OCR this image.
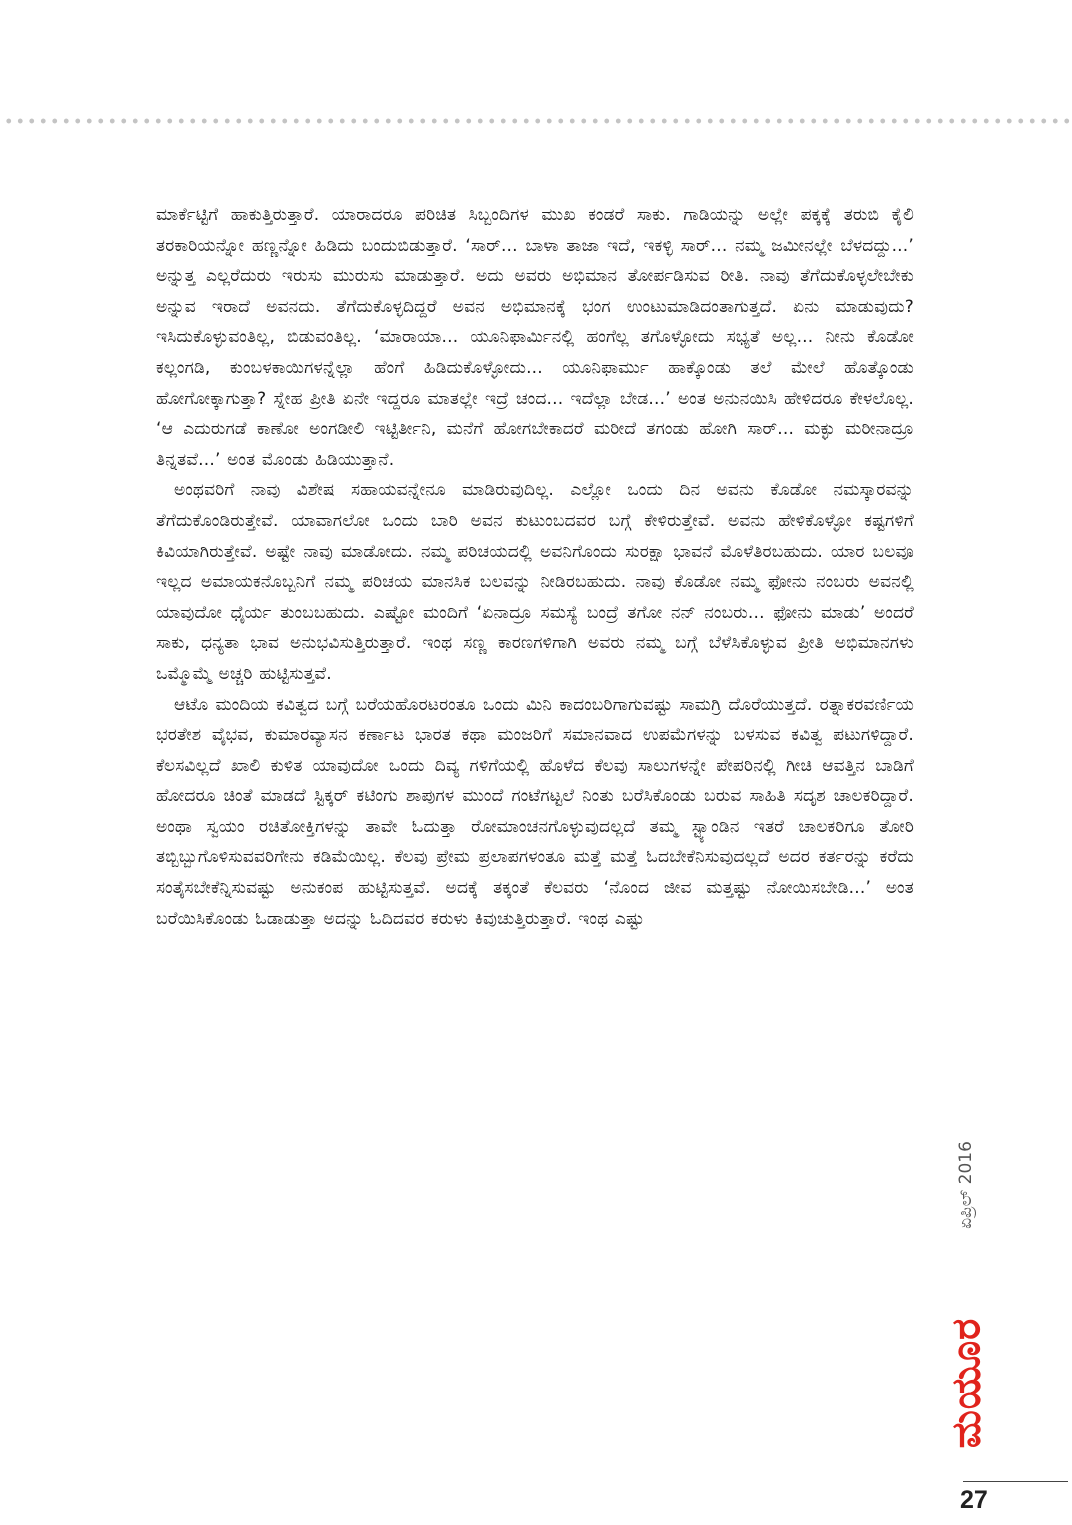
ಮಾರ್ಕೆಟ್ಟಿಗೆ ಹಾಕುತ್ತಿರುತ್ತಾರೆ. ಯಾರಾದರೂ ಪರಿಚಿತ ಸಿಬ್ಬಂದಿಗಳ ಮುಖ ಕಂಡರೆ ಸಾಕು. ಗಾಡಿಯನ್ನು ಅಲ್ಲೇ ಪಕ್ಕಕ್ಕೆ ತರುಬಿ ಕೈಲಿ ತರಕಾರಿಯನ್ನೋ ಹಣ್ಣನ್ನೋ ಹಿಡಿದು ಬಂದುಬಿಡುತ್ತಾರೆ. ‘ಸಾರ್... ಬಾಳಾ ತಾಜಾ ಇದೆ, ಇಕಳ್ಳಿ ಸಾರ್... ನಮ್ಮ ಜಮೀನಲ್ಲೇ ಬೆಳದದ್ದು...’ ಅನ್ನುತ್ತ ಎಲ್ಲರೆದುರು ಇರುಸು ಮುರುಸು ಮಾಡುತ್ತಾರೆ. ಅದು ಅವರು ಅಭಿಮಾನ ತೋರ್ಪಡಿಸುವ ರೀತಿ. ನಾವು ತೆಗೆದುಕೊಳ್ಳಲೇಬೇಕು ಅನ್ನುವ ಇರಾದೆ ಅವನದು. ತೆಗೆದುಕೊಳ್ಳದಿದ್ದರೆ ಅವನ ಅಭಿಮಾನಕ್ಕೆ ಭಂಗ ಉಂಟುಮಾಡಿದಂತಾಗುತ್ತದೆ. ಏನು ಮಾಡುವುದು? ಇಸಿದುಕೊಳ್ಳುವಂತಿಲ್ಲ, ಬಿಡುವಂತಿಲ್ಲ. ‘ಮಾರಾಯಾ... ಯೂನಿಫಾರ್ಮಿನಲ್ಲಿ ಹಂಗೆಲ್ಲ ತಗೊಳ್ಳೋದು ಸಭ್ಯತೆ ಅಲ್ಲ... ನೀನು ಕೊಡೋ ಕಲ್ಲಂಗಡಿ, ಕುಂಬಳಕಾಯಿಗಳನ್ನೆಲ್ಲಾ ಹೆಂಗೆ ಹಿಡಿದುಕೊಳ್ಳೋದು... ಯೂನಿಫಾರ್ಮು ಹಾಕ್ಕೊಂಡು ತಲೆ ಮೇಲೆ ಹೊತ್ಕೊಂಡು ಹೋಗೋಕ್ಕಾಗುತ್ತಾ? ಸ್ನೇಹ ಪ್ರೀತಿ ಏನೇ ಇದ್ದರೂ ಮಾತಲ್ಲೇ ಇದ್ರೆ ಚಂದ... ಇದೆಲ್ಲಾ ಬೇಡ...’ ಅಂತ ಅನುನಯಿಸಿ ಹೇಳಿದರೂ ಕೇಳಲೊಲ್ಲ. ‘ಆ ಎದುರುಗಡೆ ಕಾಣೋ ಅಂಗಡೀಲಿ ಇಟ್ಟಿರ್ತೀನಿ, ಮನೆಗೆ ಹೋಗಬೇಕಾದರೆ ಮರೀದೆ ತಗಂಡು ಹೋಗಿ ಸಾರ್... ಮಕ್ಳು ಮರೀನಾದ್ರೂ ತಿನ್ನತವೆ...’ ಅಂತ ಮೊಂಡು ಹಿಡಿಯುತ್ತಾನೆ.

ಅಂಥವರಿಗೆ ನಾವು ವಿಶೇಷ ಸಹಾಯವನ್ನೇನೂ ಮಾಡಿರುವುದಿಲ್ಲ. ಎಲ್ಲೋ ಒಂದು ದಿನ ಅವನು ಕೊಡೋ ನಮಸ್ಕಾರವನ್ನು ತೆಗೆದುಕೊಂಡಿರುತ್ತೇವೆ. ಯಾವಾಗಲೋ ಒಂದು ಬಾರಿ ಅವನ ಕುಟುಂಬದವರ ಬಗ್ಗೆ ಕೇಳಿರುತ್ತೇವೆ. ಅವನು ಹೇಳಿಕೊಳ್ಳೋ ಕಷ್ಟಗಳಿಗೆ ಕಿವಿಯಾಗಿರುತ್ತೇವೆ. ಅಷ್ಟೇ ನಾವು ಮಾಡೋದು. ನಮ್ಮ ಪರಿಚಯದಲ್ಲಿ ಅವನಿಗೊಂದು ಸುರಕ್ಷಾ ಭಾವನೆ ಮೊಳೆತಿರಬಹುದು. ಯಾರ ಬಲವೂ ಇಲ್ಲದ ಅಮಾಯಕನೊಬ್ಬನಿಗೆ ನಮ್ಮ ಪರಿಚಯ ಮಾನಸಿಕ ಬಲವನ್ನು ನೀಡಿರಬಹುದು. ನಾವು ಕೊಡೋ ನಮ್ಮ ಫೋನು ನಂಬರು ಅವನಲ್ಲಿ ಯಾವುದೋ ಧೈರ್ಯ ತುಂಬಬಹುದು. ಎಷ್ಟೋ ಮಂದಿಗೆ ‘ಏನಾದ್ರೂ ಸಮಸ್ಯೆ ಬಂದ್ರೆ ತಗೋ ನನ್ ನಂಬರು... ಫೋನು ಮಾಡು’ ಅಂದರೆ ಸಾಕು, ಧನ್ಯತಾ ಭಾವ ಅನುಭವಿಸುತ್ತಿರುತ್ತಾರೆ. ಇಂಥ ಸಣ್ಣ ಕಾರಣಗಳಿಗಾಗಿ ಅವರು ನಮ್ಮ ಬಗ್ಗೆ ಬೆಳೆಸಿಕೊಳ್ಳುವ ಪ್ರೀತಿ ಅಭಿಮಾನಗಳು ಒಮ್ಮೊಮ್ಮೆ ಅಚ್ಚರಿ ಹುಟ್ಟಿಸುತ್ತವೆ.

ಆಟೊ ಮಂದಿಯ ಕವಿತ್ವದ ಬಗ್ಗೆ ಬರೆಯಹೊರಟರಂತೂ ಒಂದು ಮಿನಿ ಕಾದಂಬರಿಗಾಗುವಷ್ಟು ಸಾಮಗ್ರಿ ದೊರೆಯುತ್ತದೆ. ರತ್ನಾಕರವರ್ಣಿಯ ಭರತೇಶ ವೈಭವ, ಕುಮಾರವ್ಯಾಸನ ಕರ್ಣಾಟ ಭಾರತ ಕಥಾ ಮಂಜರಿಗೆ ಸಮಾನವಾದ ಉಪಮೆಗಳನ್ನು ಬಳಸುವ ಕವಿತ್ವ ಪಟುಗಳಿದ್ದಾರೆ. ಕೆಲಸವಿಲ್ಲದೆ ಖಾಲಿ ಕುಳಿತ ಯಾವುದೋ ಒಂದು ದಿವ್ಯ ಗಳಿಗೆಯಲ್ಲಿ ಹೊಳೆದ ಕೆಲವು ಸಾಲುಗಳನ್ನೇ ಪೇಪರಿನಲ್ಲಿ ಗೀಚಿ ಆವತ್ತಿನ ಬಾಡಿಗೆ ಹೋದರೂ ಚಿಂತೆ ಮಾಡದೆ ಸ್ಟಿಕ್ಕರ್ ಕಟಿಂಗು ಶಾಪುಗಳ ಮುಂದೆ ಗಂಟೆಗಟ್ಟಲೆ ನಿಂತು ಬರೆಸಿಕೊಂಡು ಬರುವ ಸಾಹಿತಿ ಸದೃಶ ಚಾಲಕರಿದ್ದಾರೆ. ಅಂಥಾ ಸ್ವಯಂ ರಚಿತೋಕ್ತಿಗಳನ್ನು ತಾವೇ ಓದುತ್ತಾ ರೋಮಾಂಚನಗೊಳ್ಳುವುದಲ್ಲದೆ ತಮ್ಮ ಸ್ಟ್ಯಾಂಡಿನ ಇತರೆ ಚಾಲಕರಿಗೂ ತೋರಿ ತಬ್ಬಿಬ್ಬುಗೊಳಿಸುವವರಿಗೇನು ಕಡಿಮೆಯಿಲ್ಲ. ಕೆಲವು ಪ್ರೇಮ ಪ್ರಲಾಪಗಳಂತೂ ಮತ್ತೆ ಮತ್ತೆ ಓದಬೇಕೆನಿಸುವುದಲ್ಲದೆ ಅದರ ಕರ್ತರನ್ನು ಕರೆದು ಸಂತೈಸಬೇಕೆನ್ನಿಸುವಷ್ಟು ಅನುಕಂಪ ಹುಟ್ಟಿಸುತ್ತವೆ. ಅದಕ್ಕೆ ತಕ್ಕಂತೆ ಕೆಲವರು ‘ನೊಂದ ಜೀವ ಮತ್ತಷ್ಟು ನೋಯಿಸಬೇಡಿ...’ ಅಂತ ಬರೆಯಿಸಿಕೊಂಡು ಓಡಾಡುತ್ತಾ ಅದನ್ನು ಓದಿದವರ ಕರುಳು ಕಿವುಚುತ್ತಿರುತ್ತಾರೆ. ಇಂಥ ಎಷ್ಟು

ಏಪ್ರಿಲ್ 2016
ಮಯೂರ
27
